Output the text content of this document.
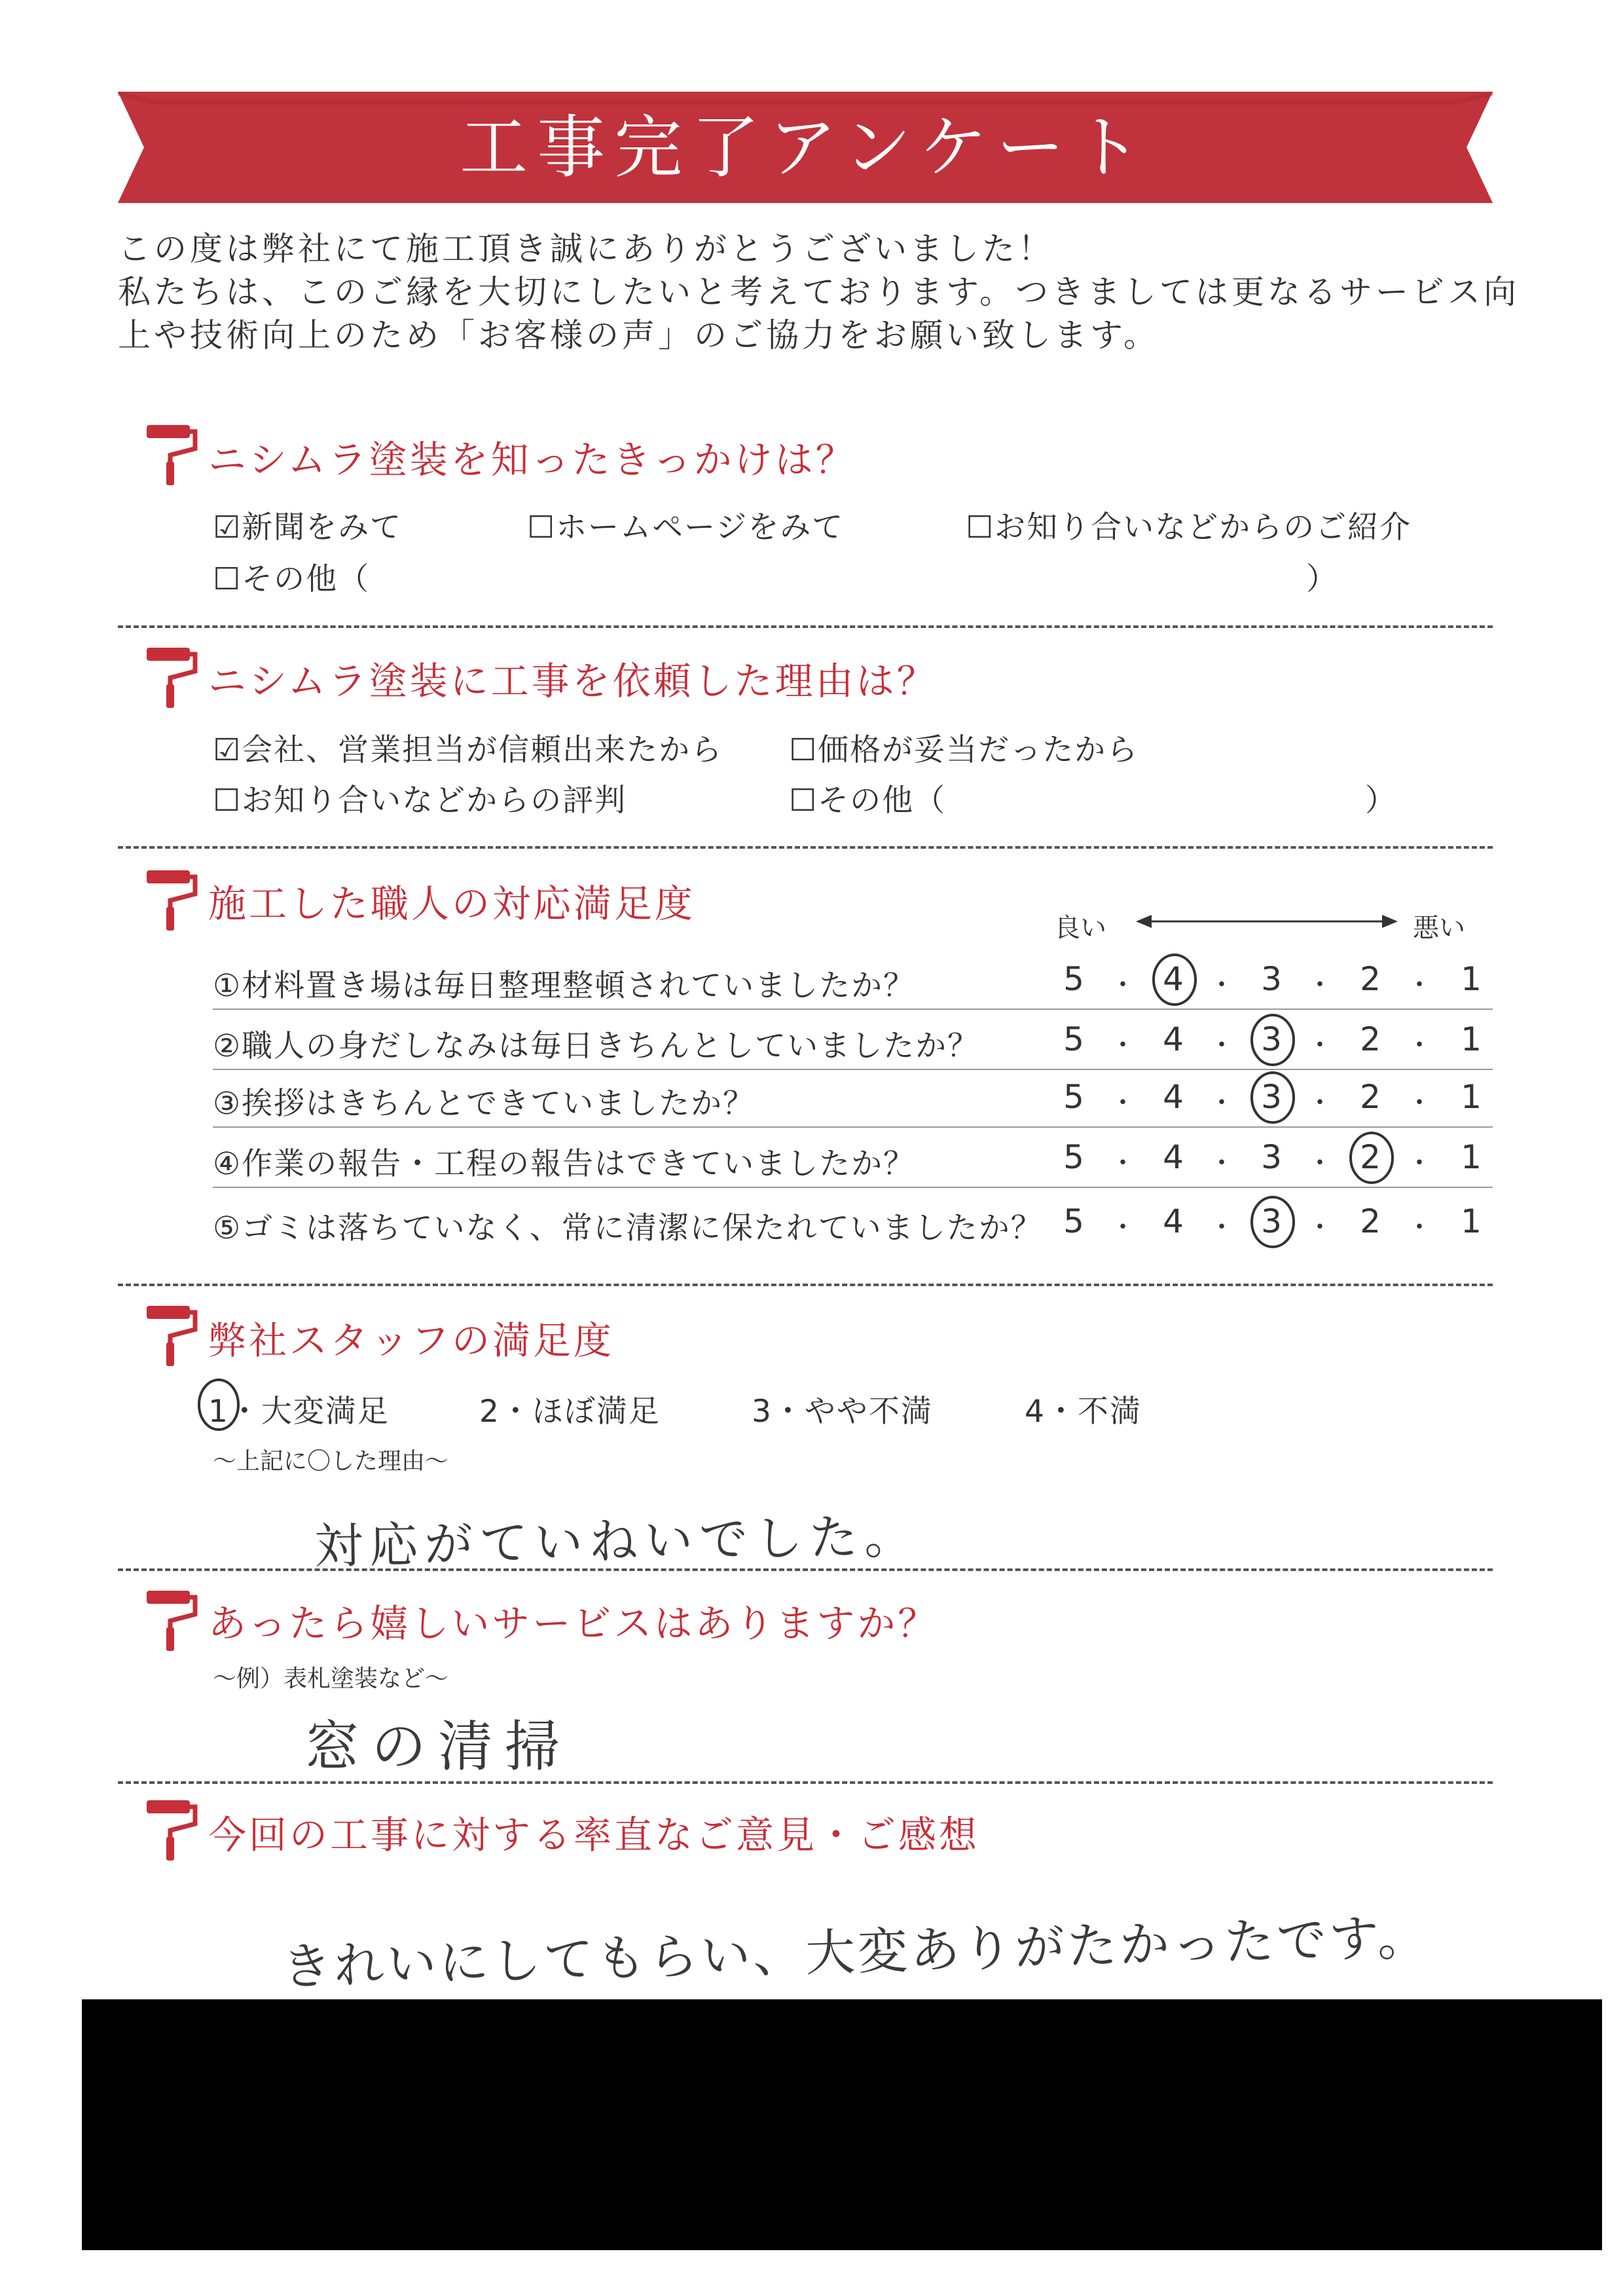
工事完了アンケート
この度は弊社にて施工頂き誠にありがとうございました！
私たちは、このご縁を大切にしたいと考えております。つきましては更なるサービス向
上や技術向上のため「お客様の声」のご協力をお願い致します。
ニシムラ塗装を知ったきっかけは？
☑新聞をみて	☐ホームページをみて	☐お知り合いなどからのご紹介
☐その他（	）
ニシムラ塗装に工事を依頼した理由は？
☑会社、営業担当が信頼出来たから ☐価格が妥当だったから
☐お知り合いなどからの評判	☐その他（	）
施工した職人の対応満足度
良い	悪い
①材料置き場は毎日整理整頓されていましたか？	5 4 3 2 1
・	・	・	・
②職人の身だしなみは毎日きちんとしていましたか？	5 4 3 2 1
・	・	・	・
③挨拶はきちんとできていましたか？	5 4 3 2 1
・	・	・	・
④作業の報告・工程の報告はできていましたか？	5 4 3 2 1
・	・	・	・
⑤ゴミは落ちていなく、常に清潔に保たれていましたか？ 5 4 3 2 1
・	・	・	・
弊社スタッフの満足度
1・大変満足	2・ほぼ満足	3・やや不満	4・不満
〜上記に〇した理由〜
対応がていねいでした。
あったら嬉しいサービスはありますか？
〜例）表札塗装など〜
窓の清掃
今回の工事に対する率直なご意見・ご感想
きれいにしてもらい、大変ありがたかったです。
